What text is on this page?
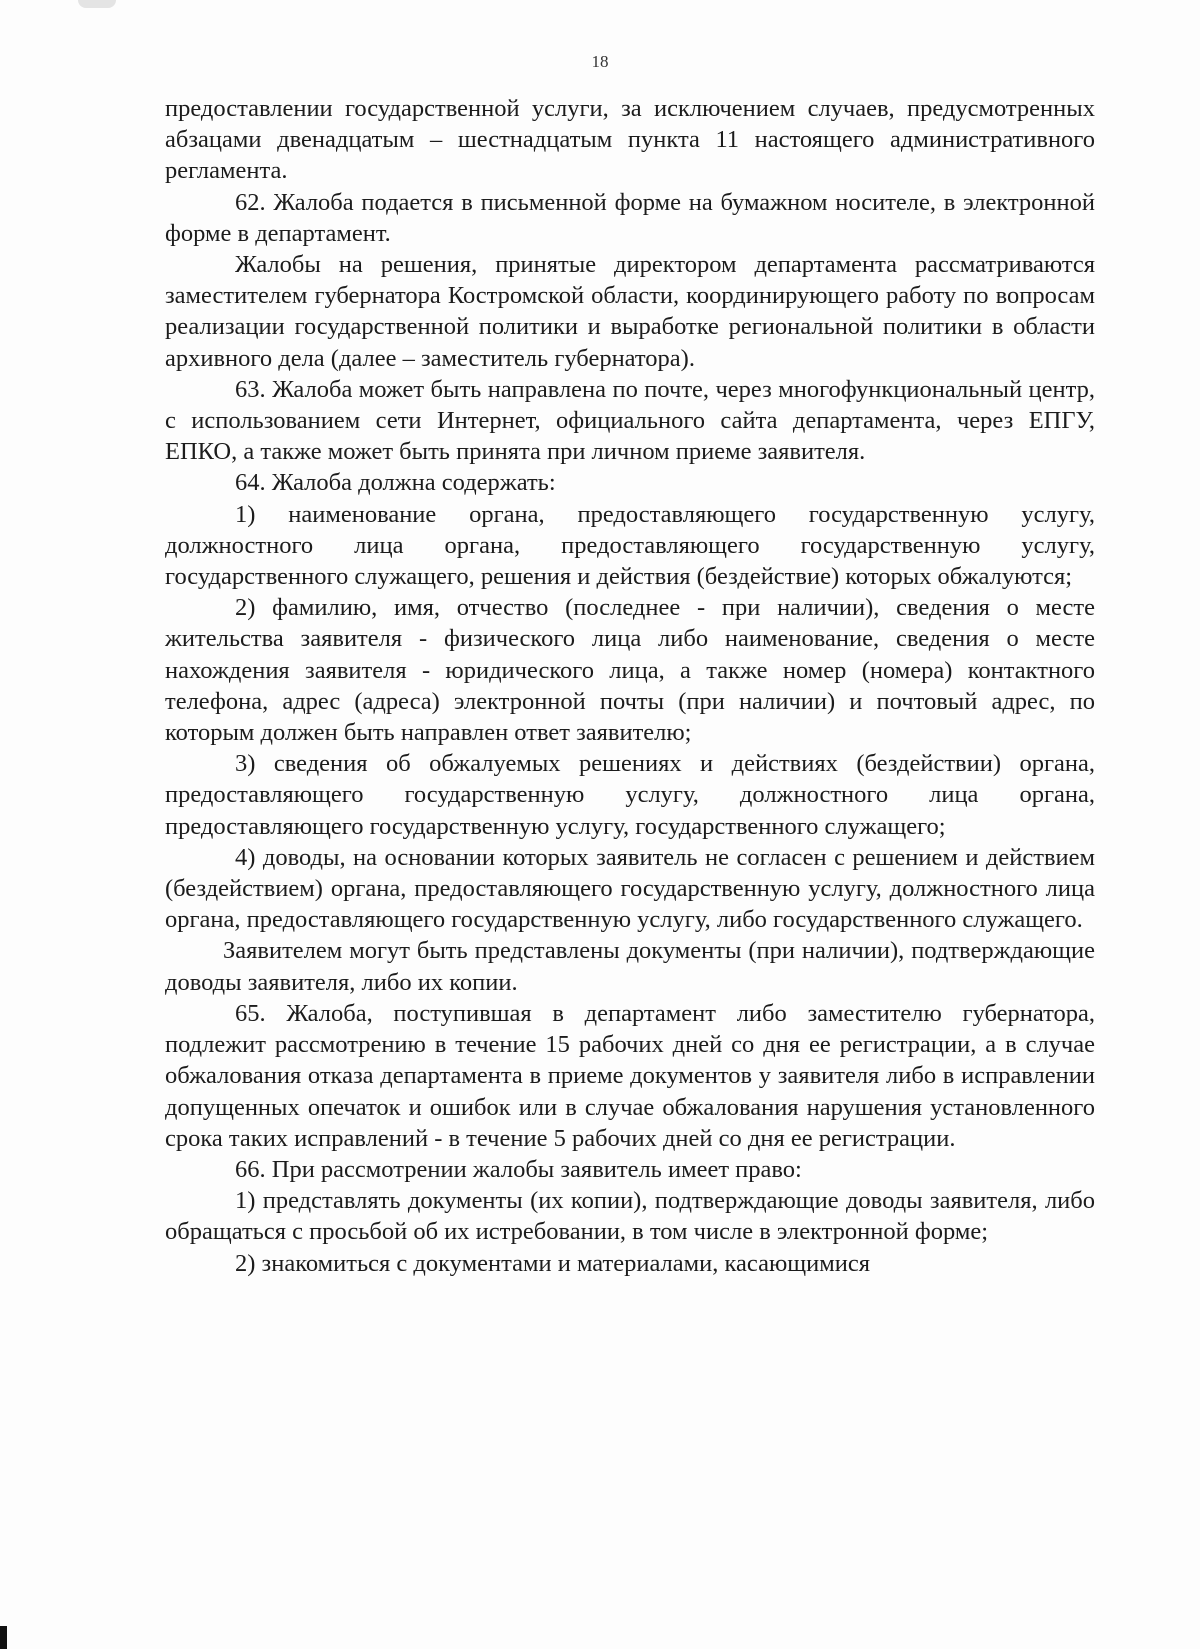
18

предоставлении государственной услуги, за исключением случаев, предусмотренных абзацами двенадцатым – шестнадцатым пункта 11 настоящего административного регламента.

62. Жалоба подается в письменной форме на бумажном носителе, в электронной форме в департамент.

Жалобы на решения, принятые директором департамента рассматриваются заместителем губернатора Костромской области, координирующего работу по вопросам реализации государственной политики и выработке региональной политики в области архивного дела (далее – заместитель губернатора).

63. Жалоба может быть направлена по почте, через многофункциональный центр, с использованием сети Интернет, официального сайта департамента, через ЕПГУ, ЕПКО, а также может быть принята при личном приеме заявителя.

64. Жалоба должна содержать:

1) наименование органа, предоставляющего государственную услугу, должностного лица органа, предоставляющего государственную услугу, государственного служащего, решения и действия (бездействие) которых обжалуются;

2) фамилию, имя, отчество (последнее - при наличии), сведения о месте жительства заявителя - физического лица либо наименование, сведения о месте нахождения заявителя - юридического лица, а также номер (номера) контактного телефона, адрес (адреса) электронной почты (при наличии) и почтовый адрес, по которым должен быть направлен ответ заявителю;

3) сведения об обжалуемых решениях и действиях (бездействии) органа, предоставляющего государственную услугу, должностного лица органа, предоставляющего государственную услугу, государственного служащего;

4) доводы, на основании которых заявитель не согласен с решением и действием (бездействием) органа, предоставляющего государственную услугу, должностного лица органа, предоставляющего государственную услугу, либо государственного служащего.

Заявителем могут быть представлены документы (при наличии), подтверждающие доводы заявителя, либо их копии.

65. Жалоба, поступившая в департамент либо заместителю губернатора, подлежит рассмотрению в течение 15 рабочих дней со дня ее регистрации, а в случае обжалования отказа департамента в приеме документов у заявителя либо в исправлении допущенных опечаток и ошибок или в случае обжалования нарушения установленного срока таких исправлений - в течение 5 рабочих дней со дня ее регистрации.

66. При рассмотрении жалобы заявитель имеет право:

1) представлять документы (их копии), подтверждающие доводы заявителя, либо обращаться с просьбой об их истребовании, в том числе в электронной форме;

2) знакомиться с документами и материалами, касающимися
